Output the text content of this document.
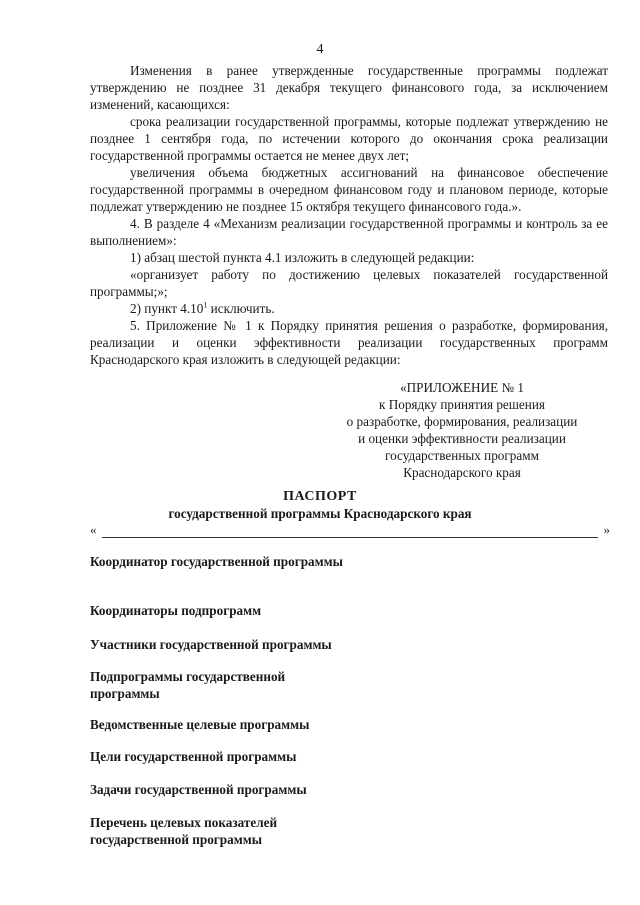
4

Изменения в ранее утвержденные государственные программы подлежат утверждению не позднее 31 декабря текущего финансового года, за исключением изменений, касающихся:

срока реализации государственной программы, которые подлежат утверждению не позднее 1 сентября года, по истечении которого до окончания срока реализации государственной программы остается не менее двух лет;

увеличения объема бюджетных ассигнований на финансовое обеспечение государственной программы в очередном финансовом году и плановом периоде, которые подлежат утверждению не позднее 15 октября текущего финансового года.».

4. В разделе 4 «Механизм реализации государственной программы и контроль за ее выполнением»:

1) абзац шестой пункта 4.1 изложить в следующей редакции:

«организует работу по достижению целевых показателей государственной программы;»;

2) пункт 4.10$^1$ исключить.

5. Приложение № 1 к Порядку принятия решения о разработке, формирования, реализации и оценки эффективности реализации государственных программ Краснодарского края изложить в следующей редакции:

«ПРИЛОЖЕНИЕ № 1
к Порядку принятия решения
о разработке, формирования, реализации
и оценки эффективности реализации
государственных программ
Краснодарского края
ПАСПОРТ
государственной программы Краснодарского края
«	»
Координатор государственной программы
Координаторы подпрограмм
Участники государственной программы
Подпрограммы государственной программы
Ведомственные целевые программы
Цели государственной программы
Задачи государственной программы
Перечень целевых показателей государственной программы
